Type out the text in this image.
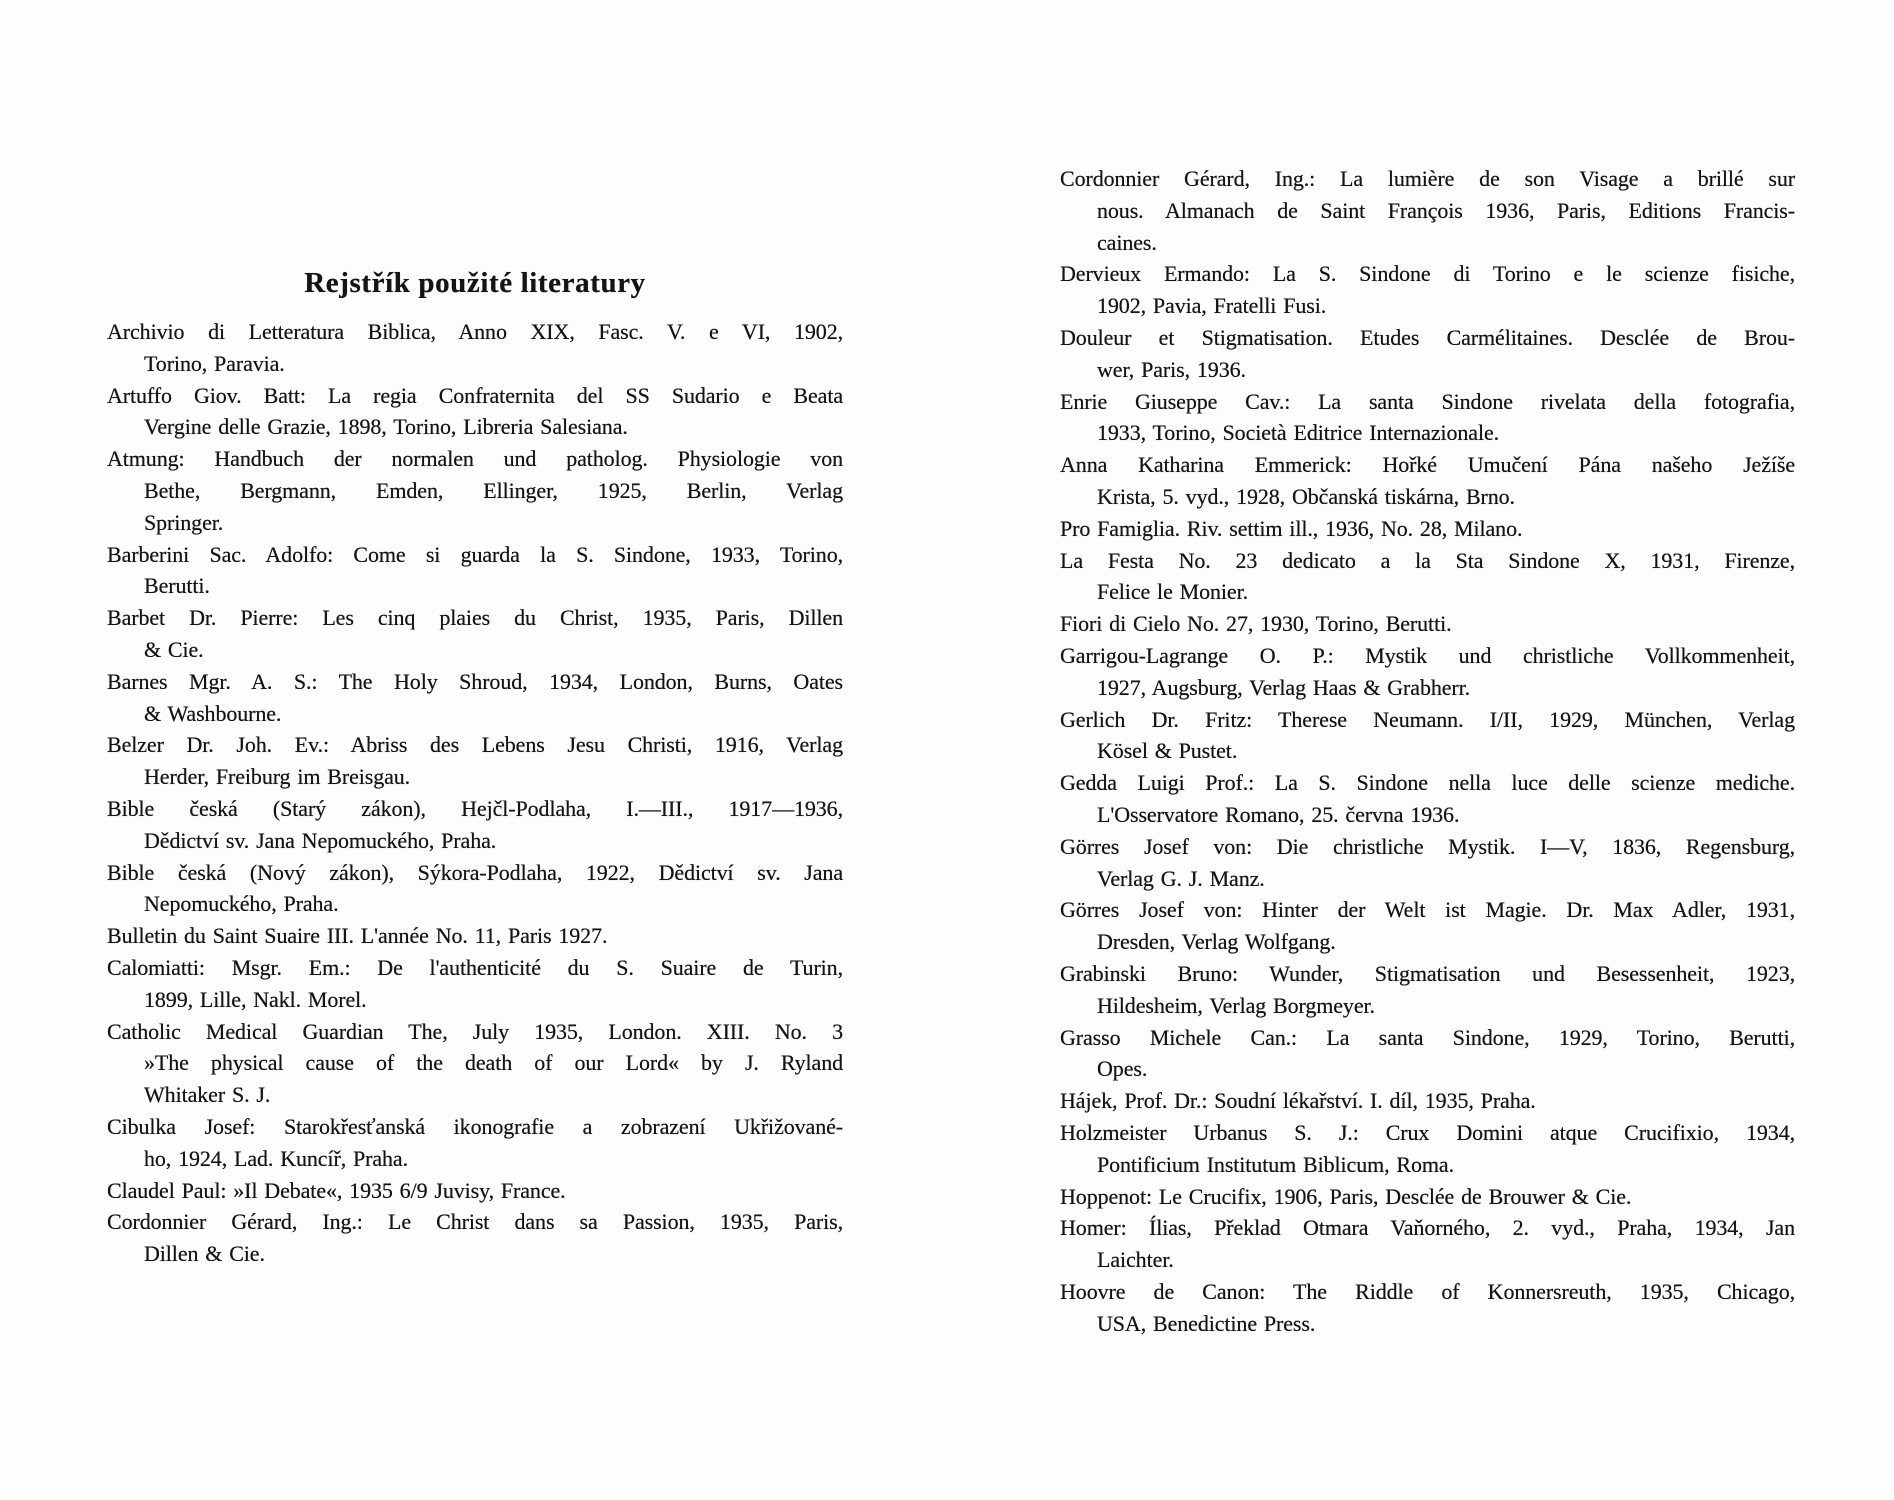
Rejstřík použité literatury
Archivio di Letteratura Biblica, Anno XIX, Fasc. V. e VI, 1902,
Torino, Paravia.
Artuffo Giov. Batt: La regia Confraternita del SS Sudario e Beata
Vergine delle Grazie, 1898, Torino, Libreria Salesiana.
Atmung: Handbuch der normalen und patholog. Physiologie von
Bethe, Bergmann, Emden, Ellinger, 1925, Berlin, Verlag
Springer.
Barberini Sac. Adolfo: Come si guarda la S. Sindone, 1933, Torino,
Berutti.
Barbet Dr. Pierre: Les cinq plaies du Christ, 1935, Paris, Dillen
& Cie.
Barnes Mgr. A. S.: The Holy Shroud, 1934, London, Burns, Oates
& Washbourne.
Belzer Dr. Joh. Ev.: Abriss des Lebens Jesu Christi, 1916, Verlag
Herder, Freiburg im Breisgau.
Bible česká (Starý zákon), Hejčl-Podlaha, I.—III., 1917—1936,
Dědictví sv. Jana Nepomuckého, Praha.
Bible česká (Nový zákon), Sýkora-Podlaha, 1922, Dědictví sv. Jana
Nepomuckého, Praha.
Bulletin du Saint Suaire III. L'année No. 11, Paris 1927.
Calomiatti: Msgr. Em.: De l'authenticité du S. Suaire de Turin,
1899, Lille, Nakl. Morel.
Catholic Medical Guardian The, July 1935, London. XIII. No. 3
»The physical cause of the death of our Lord« by J. Ryland
Whitaker S. J.
Cibulka Josef: Starokřesťanská ikonografie a zobrazení Ukřižované-
ho, 1924, Lad. Kuncíř, Praha.
Claudel Paul: »Il Debate«, 1935 6/9 Juvisy, France.
Cordonnier Gérard, Ing.: Le Christ dans sa Passion, 1935, Paris,
Dillen & Cie.
Cordonnier Gérard, Ing.: La lumière de son Visage a brillé sur
nous. Almanach de Saint François 1936, Paris, Editions Francis-
caines.
Dervieux Ermando: La S. Sindone di Torino e le scienze fisiche,
1902, Pavia, Fratelli Fusi.
Douleur et Stigmatisation. Etudes Carmélitaines. Desclée de Brou-
wer, Paris, 1936.
Enrie Giuseppe Cav.: La santa Sindone rivelata della fotografia,
1933, Torino, Società Editrice Internazionale.
Anna Katharina Emmerick: Hořké Umučení Pána našeho Ježíše
Krista, 5. vyd., 1928, Občanská tiskárna, Brno.
Pro Famiglia. Riv. settim ill., 1936, No. 28, Milano.
La Festa No. 23 dedicato a la Sta Sindone X, 1931, Firenze,
Felice le Monier.
Fiori di Cielo No. 27, 1930, Torino, Berutti.
Garrigou-Lagrange O. P.: Mystik und christliche Vollkommenheit,
1927, Augsburg, Verlag Haas & Grabherr.
Gerlich Dr. Fritz: Therese Neumann. I/II, 1929, München, Verlag
Kösel & Pustet.
Gedda Luigi Prof.: La S. Sindone nella luce delle scienze mediche.
L'Osservatore Romano, 25. června 1936.
Görres Josef von: Die christliche Mystik. I—V, 1836, Regensburg,
Verlag G. J. Manz.
Görres Josef von: Hinter der Welt ist Magie. Dr. Max Adler, 1931,
Dresden, Verlag Wolfgang.
Grabinski Bruno: Wunder, Stigmatisation und Besessenheit, 1923,
Hildesheim, Verlag Borgmeyer.
Grasso Michele Can.: La santa Sindone, 1929, Torino, Berutti,
Opes.
Hájek, Prof. Dr.: Soudní lékařství. I. díl, 1935, Praha.
Holzmeister Urbanus S. J.: Crux Domini atque Crucifixio, 1934,
Pontificium Institutum Biblicum, Roma.
Hoppenot: Le Crucifix, 1906, Paris, Desclée de Brouwer & Cie.
Homer: Ílias, Překlad Otmara Vaňorného, 2. vyd., Praha, 1934, Jan
Laichter.
Hoovre de Canon: The Riddle of Konnersreuth, 1935, Chicago,
USA, Benedictine Press.
